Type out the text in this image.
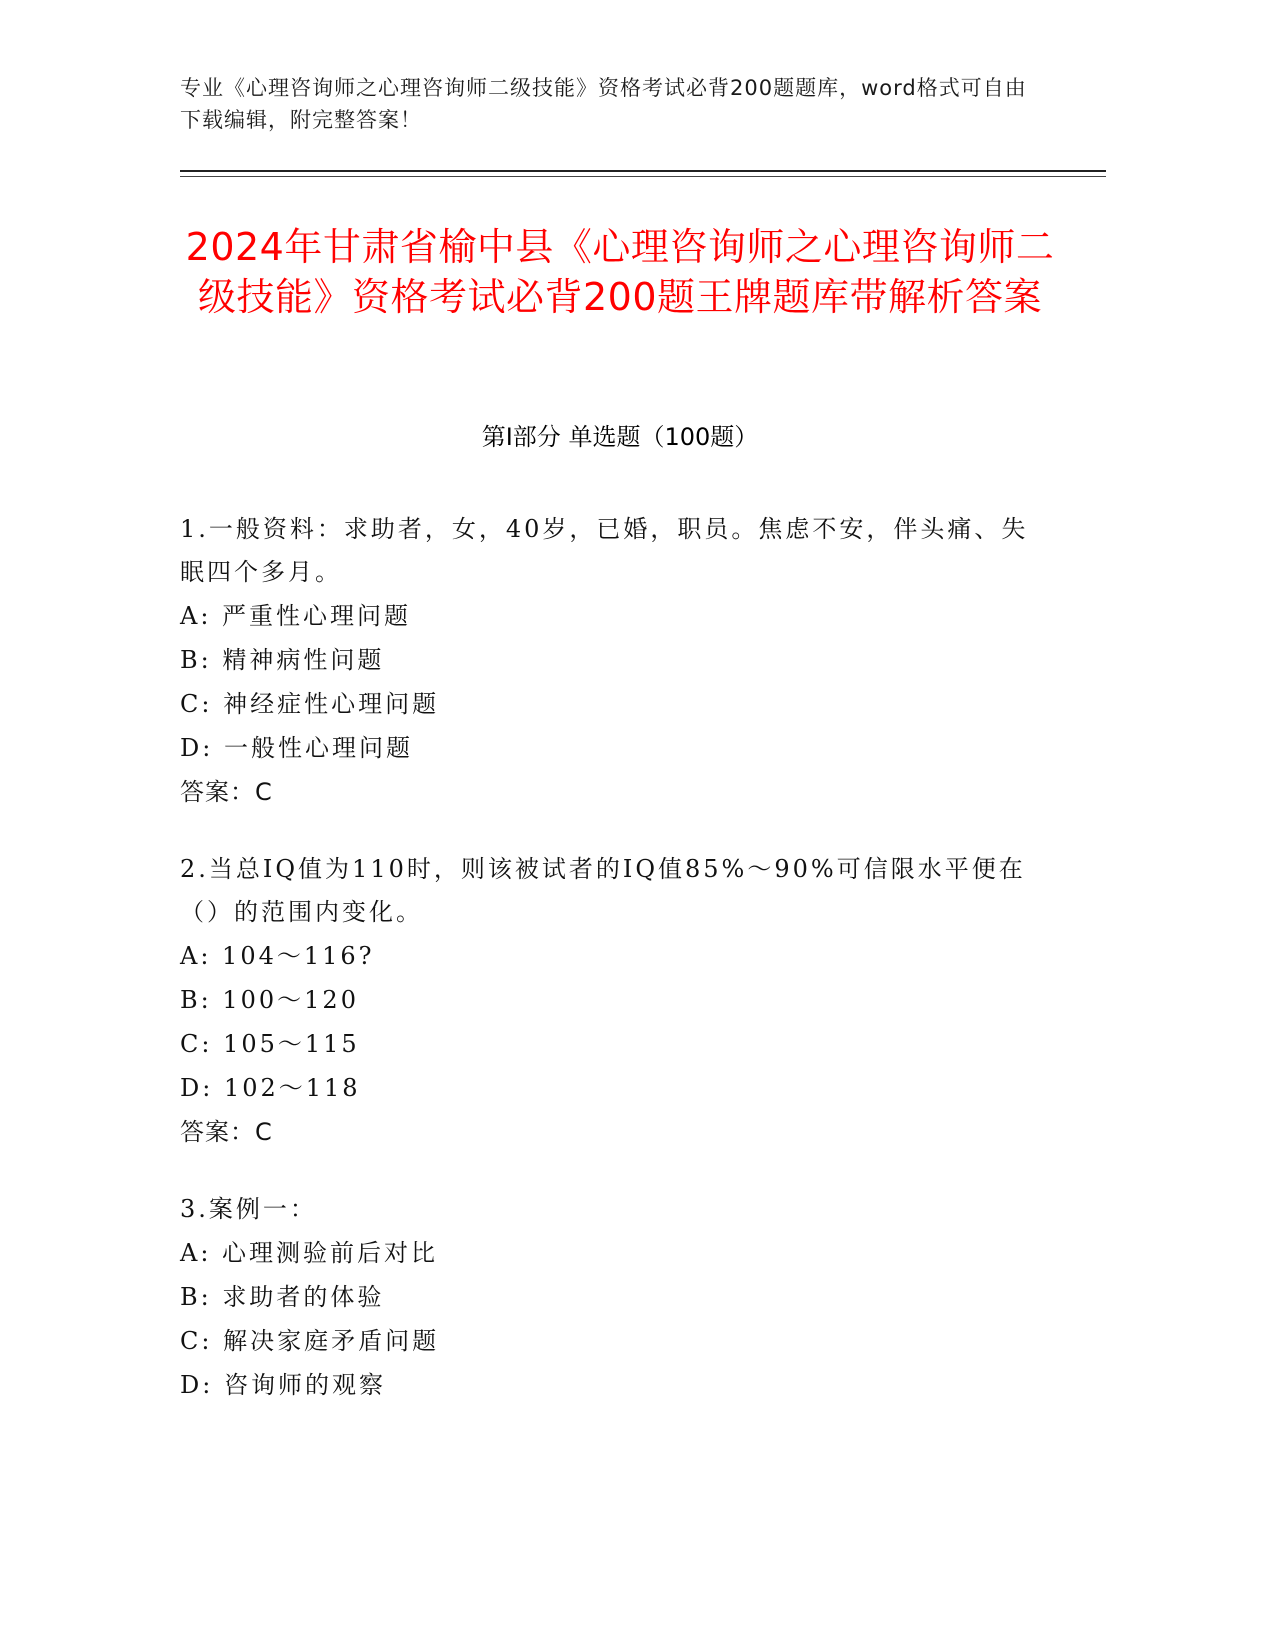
专业《心理咨询师之心理咨询师二级技能》资格考试必背200题题库，word格式可自由下载编辑，附完整答案！
2024年甘肃省榆中县《心理咨询师之心理咨询师二级技能》资格考试必背200题王牌题库带解析答案
第Ⅰ部分 单选题（100题）

1.一般资料：求助者，女，40岁，已婚，职员。焦虑不安，伴头痛、失眠四个多月。

A: 严重性心理问题

B: 精神病性问题

C: 神经症性心理问题

D: 一般性心理问题

答案：C

2.当总IQ值为110时，则该被试者的IQ值85%～90%可信限水平便在（）的范围内变化。

A: 104～116?

B: 100～120

C: 105～115

D: 102～118

答案：C

3.案例一：

A: 心理测验前后对比

B: 求助者的体验

C: 解决家庭矛盾问题

D: 咨询师的观察
